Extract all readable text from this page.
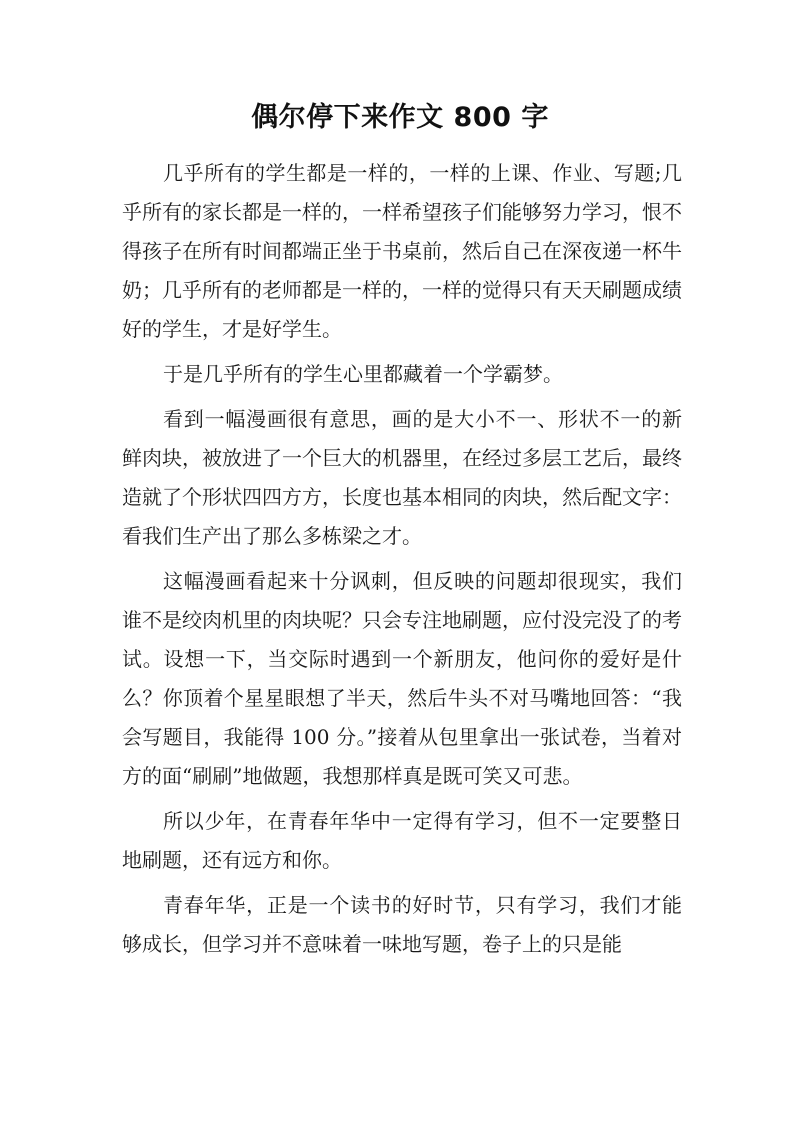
偶尔停下来作文 800 字

几乎所有的学生都是一样的，一样的上课、作业、写题;几乎所有的家长都是一样的，一样希望孩子们能够努力学习，恨不得孩子在所有时间都端正坐于书桌前，然后自己在深夜递一杯牛奶；几乎所有的老师都是一样的，一样的觉得只有天天刷题成绩好的学生，才是好学生。

于是几乎所有的学生心里都藏着一个学霸梦。

看到一幅漫画很有意思，画的是大小不一、形状不一的新鲜肉块，被放进了一个巨大的机器里，在经过多层工艺后，最终造就了个形状四四方方，长度也基本相同的肉块，然后配文字：看我们生产出了那么多栋梁之才。

这幅漫画看起来十分讽刺，但反映的问题却很现实，我们谁不是绞肉机里的肉块呢？只会专注地刷题，应付没完没了的考试。设想一下，当交际时遇到一个新朋友，他问你的爱好是什么？你顶着个星星眼想了半天，然后牛头不对马嘴地回答：“我会写题目，我能得 100 分。”接着从包里拿出一张试卷，当着对方的面“刷刷”地做题，我想那样真是既可笑又可悲。

所以少年，在青春年华中一定得有学习，但不一定要整日地刷题，还有远方和你。

青春年华，正是一个读书的好时节，只有学习，我们才能够成长，但学习并不意味着一味地写题，卷子上的只是能
